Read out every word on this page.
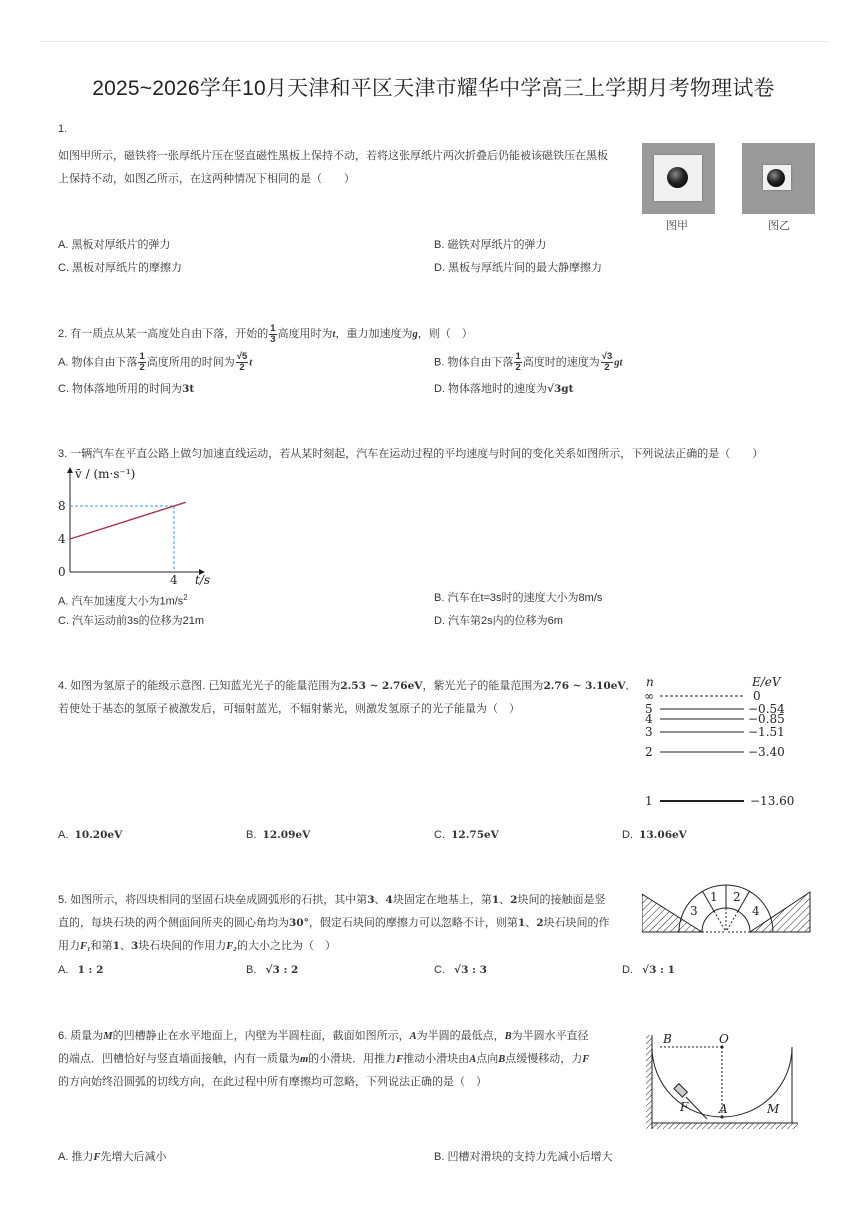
2025~2026学年10月天津和平区天津市耀华中学高三上学期月考物理试卷
1.
如图甲所示，磁铁将一张厚纸片压在竖直磁性黑板上保持不动，若将这张厚纸片两次折叠后仍能被该磁铁压在黑板
上保持不动，如图乙所示，在这两种情况下相同的是（　　）
图甲	图乙
A. 黑板对厚纸片的弹力	B. 磁铁对厚纸片的弹力
C. 黑板对厚纸片的摩擦力	D. 黑板与厚纸片间的最大静摩擦力
2. 有一质点从某一高度处自由下落，开始的 $\frac{1}{3}$ 高度用时为t，重力加速度为g，则（　）
A. 物体自由下落 $\frac{1}{2}$ 高度所用的时间为 $\frac{√5}{2}$ t	B. 物体自由下落 $\frac{1}{2}$ 高度时的速度为 $\frac{√3}{2}$ gt
C. 物体落地所用的时间为3t	D. 物体落地时的速度为√3gt
3. 一辆汽车在平直公路上做匀加速直线运动，若从某时刻起，汽车在运动过程的平均速度与时间的变化关系如图所示，下列说法正确的是（　　）
v̄ / (m·s⁻¹)
t/s
0
4
8
4
A. 汽车加速度大小为$1m/s^2$	B. 汽车在t=3s时的速度大小为8m/s
C. 汽车运动前3s的位移为21m	D. 汽车第2s内的位移为6m
4. 如图为氢原子的能级示意图. 已知蓝光光子的能量范围为2.53 ~ 2.76eV，紫光光子的能量范围为2.76 ~ 3.10eV,
若使处于基态的氢原子被激发后，可辐射蓝光，不辐射紫光，则激发氢原子的光子能量为（　）
n	E/eV
∞	0
5	−0.54
4	−0.85
3	−1.51
2	−3.40
1	−13.60
A. 10.20eV	B. 12.09eV	C. 12.75eV	D. 13.06eV
5. 如图所示，将四块相同的坚固石块垒成圆弧形的石拱，其中第3、4块固定在地基上，第1、2块间的接触面是竖
直的，每块石块的两个侧面间所夹的圆心角均为30°，假定石块间的摩擦力可以忽略不计，则第1、2块石块间的作
用力F₁和第1、3块石块间的作用力F₂的大小之比为（　）
3
1 2
4
A. 1 : 2	B. √3 : 2	C. √3 : 3	D. √3 : 1
6. 质量为M的凹槽静止在水平地面上，内壁为半圆柱面，截面如图所示，A为半圆的最低点，B为半圆水平直径
的端点．凹槽恰好与竖直墙面接触，内有一质量为m的小滑块．用推力F推动小滑块由A点向B点缓慢移动，力F
的方向始终沿圆弧的切线方向，在此过程中所有摩擦均可忽略，下列说法正确的是（　）
B	O
A
F	M
A. 推力F先增大后减小	B. 凹槽对滑块的支持力先减小后增大
